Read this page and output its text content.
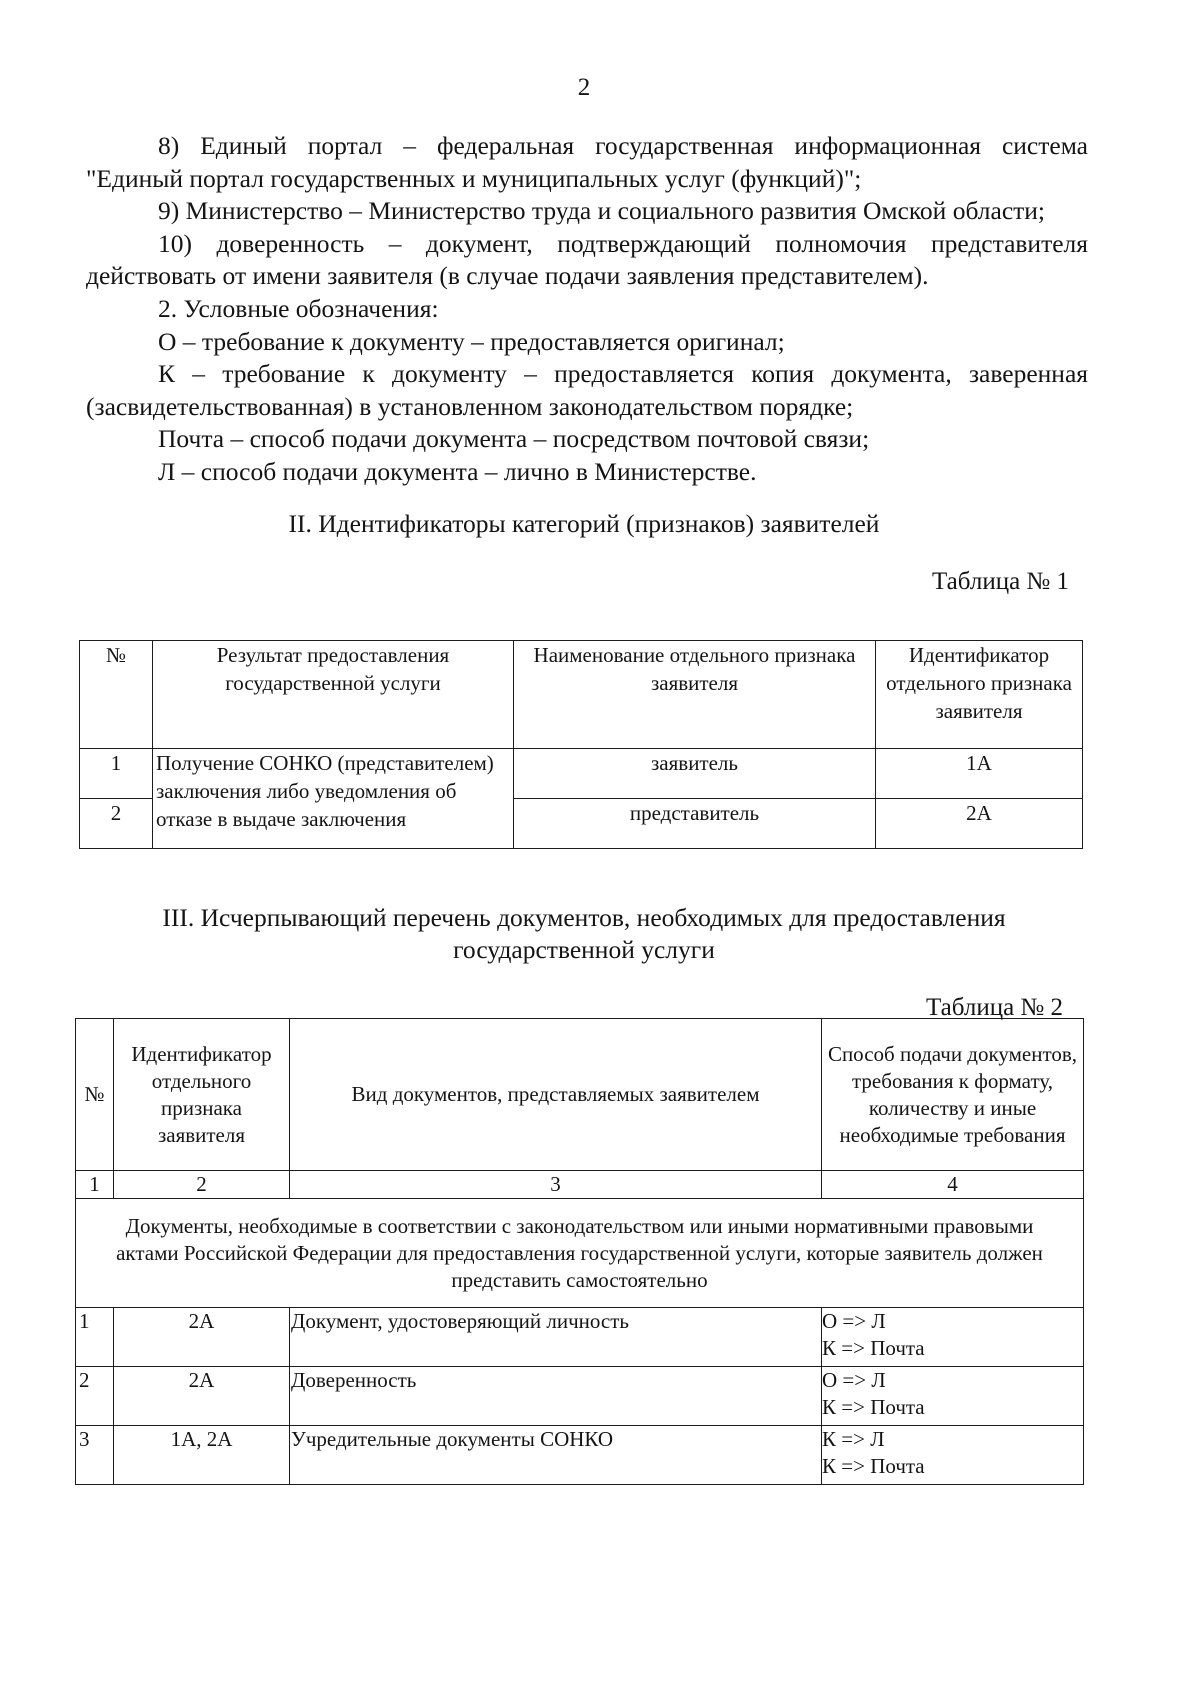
2

8) Единый портал – федеральная государственная информационная система "Единый портал государственных и муниципальных услуг (функций)";

9) Министерство – Министерство труда и социального развития Омской области;

10) доверенность – документ, подтверждающий полномочия представителя действовать от имени заявителя (в случае подачи заявления представителем).

2. Условные обозначения:

О – требование к документу – предоставляется оригинал;

К – требование к документу – предоставляется копия документа, заверенная (засвидетельствованная) в установленном законодательством порядке;

Почта – способ подачи документа – посредством почтовой связи;

Л – способ подачи документа – лично в Министерстве.

II. Идентификаторы категорий (признаков) заявителей
Таблица № 1
№	Результат предоставления государственной услуги	Наименование отдельного признака заявителя	Идентификатор отдельного признака заявителя
1	Получение СОНКО (представителем) заключения либо уведомления об отказе в выдаче заключения	заявитель	1А
2		представитель	2А
III. Исчерпывающий перечень документов, необходимых для предоставления государственной услуги
Таблица № 2
№	Идентификатор отдельного признака заявителя	Вид документов, представляемых заявителем	Способ подачи документов, требования к формату, количеству и иные необходимые требования
1	2	3	4
Документы, необходимые в соответствии с законодательством или иными нормативными правовыми актами Российской Федерации для предоставления государственной услуги, которые заявитель должен представить самостоятельно			
1	2А	Документ, удостоверяющий личность	О => Л
К => Почта

2	2А	Доверенность	О => Л
К => Почта

3	1А, 2А	Учредительные документы СОНКО	К => Л
К => Почта
